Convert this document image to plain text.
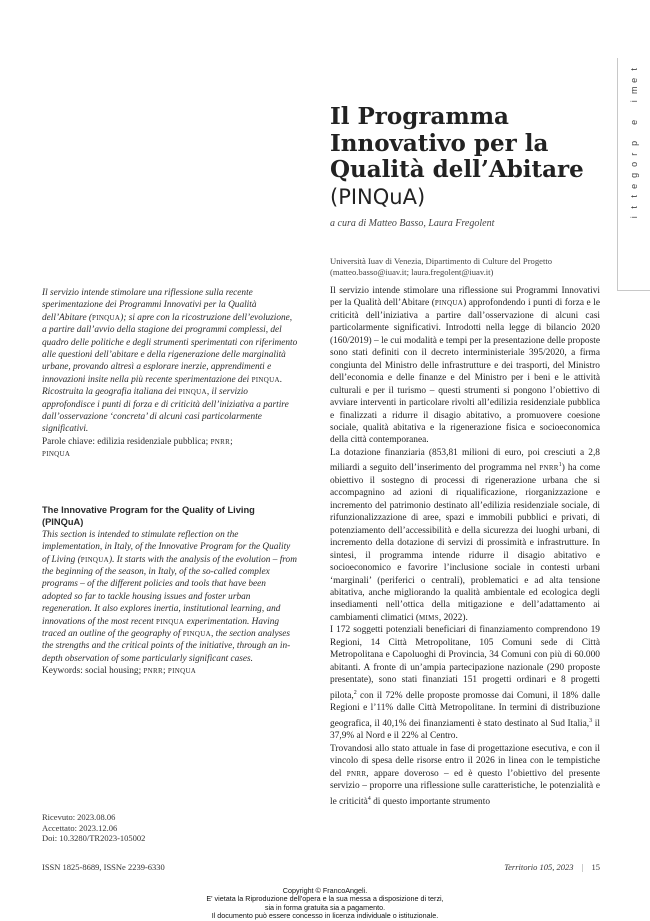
t
e
m
i
e
p
r
o
g
e
t
t
i
Il Programma
Innovativo per la
Qualità dell’Abitare
(PINQuA)
a cura di Matteo Basso, Laura Fregolent
Università Iuav di Venezia, Dipartimento di Culture del Progetto
(matteo.basso@iuav.it; laura.fregolent@iuav.it)

Il servizio intende stimolare una riflessione sulla recente sperimentazione dei Programmi Innovativi per la Qualità dell’Abitare (PINQUA); si apre con la ricostruzione dell’evoluzione, a partire dall’avvio della stagione dei programmi complessi, del quadro delle politiche e degli strumenti sperimentati con riferimento alle questioni dell’abitare e della rigenerazione delle marginalità urbane, provando altresì a esplorare inerzie, apprendimenti e innovazioni insite nella più recente sperimentazione dei PINQUA. Ricostruita la geografia italiana dei PINQUA, il servizio approfondisce i punti di forza e di criticità dell’iniziativa a partire dall’osservazione ‘concreta’ di alcuni casi particolarmente significativi.

Parole chiave: edilizia residenziale pubblica; PNRR;
PINQUA

The Innovative Program for the Quality of Living (PINQuA)

This section is intended to stimulate reflection on the implementation, in Italy, of the Innovative Program for the Quality of Living (PINQUA). It starts with the analysis of the evolution – from the beginning of the season, in Italy, of the so-called complex programs – of the different policies and tools that have been adopted so far to tackle housing issues and foster urban regeneration. It also explores inertia, institutional learning, and innovations of the most recent PINQUA experimentation. Having traced an outline of the geography of PINQUA, the section analyses the strengths and the critical points of the initiative, through an in-depth observation of some particularly significant cases.

Keywords: social housing; PNRR; PINQUA

Ricevuto: 2023.08.06
Accettato: 2023.12.06
Doi: 10.3280/TR2023-105002

Il servizio intende stimolare una riflessione sui Programmi Innovativi per la Qualità dell’Abitare (PINQUA) approfondendo i punti di forza e le criticità dell’iniziativa a partire dall’osservazione di alcuni casi particolarmente significativi. Introdotti nella legge di bilancio 2020 (160/2019) – le cui modalità e tempi per la presentazione delle proposte sono stati definiti con il decreto interministeriale 395/2020, a firma congiunta del Ministro delle infrastrutture e dei trasporti, del Ministro dell’economia e delle finanze e del Ministro per i beni e le attività culturali e per il turismo – questi strumenti si pongono l’obiettivo di avviare interventi in particolare rivolti all’edilizia residenziale pubblica e finalizzati a ridurre il disagio abitativo, a promuovere coesione sociale, qualità abitativa e la rigenerazione fisica e socioeconomica della città contemporanea.

La dotazione finanziaria (853,81 milioni di euro, poi cresciuti a 2,8 miliardi a seguito dell’inserimento del programma nel PNRR$^1$) ha come obiettivo il sostegno di processi di rigenerazione urbana che si accompagnino ad azioni di riqualificazione, riorganizzazione e incremento del patrimonio destinato all’edilizia residenziale sociale, di rifunzionalizzazione di aree, spazi e immobili pubblici e privati, di potenziamento dell’accessibilità e della sicurezza dei luoghi urbani, di incremento della dotazione di servizi di prossimità e infrastrutture. In sintesi, il programma intende ridurre il disagio abitativo e socioeconomico e favorire l’inclusione sociale in contesti urbani ‘marginali’ (periferici o centrali), problematici e ad alta tensione abitativa, anche migliorando la qualità ambientale ed ecologica degli insediamenti nell’ottica della mitigazione e dell’adattamento ai cambiamenti climatici (MIMS, 2022).

I 172 soggetti potenziali beneficiari di finanziamento comprendono 19 Regioni, 14 Città Metropolitane, 105 Comuni sede di Città Metropolitana e Capoluoghi di Provincia, 34 Comuni con più di 60.000 abitanti. A fronte di un’ampia partecipazione nazionale (290 proposte presentate), sono stati finanziati 151 progetti ordinari e 8 progetti pilota,$^2$ con il 72% delle proposte promosse dai Comuni, il 18% dalle Regioni e l’11% dalle Città Metropolitane. In termini di distribuzione geografica, il 40,1% dei finanziamenti è stato destinato al Sud Italia,$^3$ il 37,9% al Nord e il 22% al Centro.

Trovandosi allo stato attuale in fase di progettazione esecutiva, e con il vincolo di spesa delle risorse entro il 2026 in linea con le tempistiche del PNRR, appare doveroso – ed è questo l’obiettivo del presente servizio – proporre una riflessione sulle caratteristiche, le potenzialità e le criticità$^4$ di questo importante strumento

ISSN 1825-8689, ISSNe 2239-6330	Territorio 105, 2023 | 15
Copyright © FrancoAngeli.
E' vietata la Riproduzione dell'opera e la sua messa a disposizione di terzi,
sia in forma gratuita sia a pagamento.
Il documento può essere concesso in licenza individuale o istituzionale.
